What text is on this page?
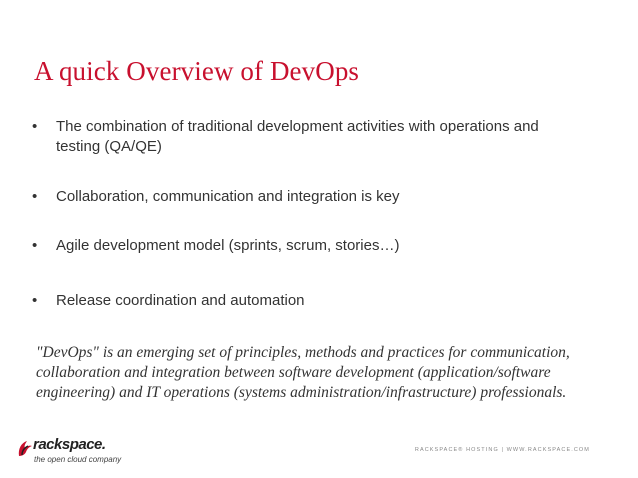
A quick Overview of DevOps
•	The combination of traditional development activities with operations and testing (QA/QE)
•	Collaboration, communication and integration is key
•	Agile development model (sprints, scrum, stories…)
•	Release coordination and automation
"DevOps" is an emerging set of principles, methods and practices for communication, collaboration and integration between software development (application/software engineering) and IT operations (systems administration/infrastructure) professionals.
rackspace.
the open cloud company
RACKSPACE® HOSTING | WWW.RACKSPACE.COM
